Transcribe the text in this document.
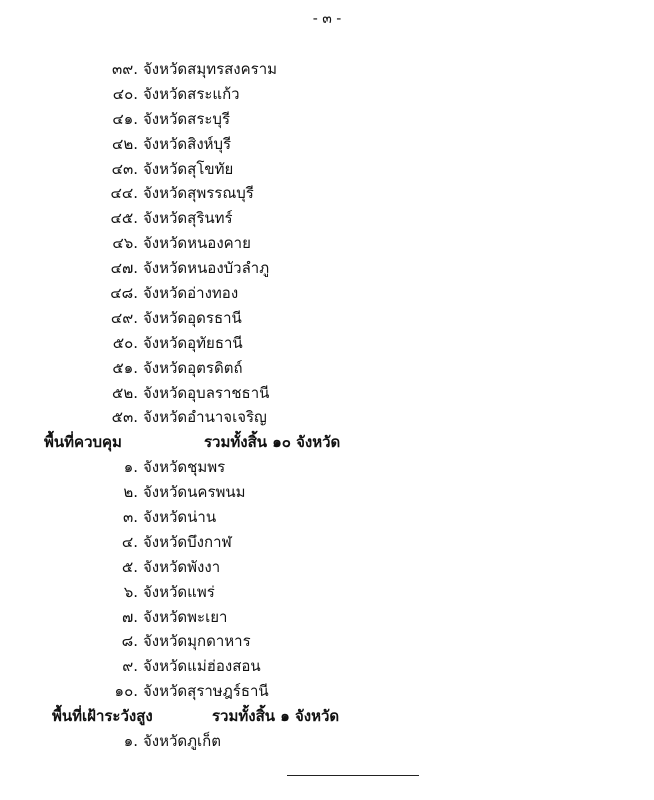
- ๓ -
๓๙. จังหวัดสมุทรสงคราม
๔๐. จังหวัดสระแก้ว
๔๑. จังหวัดสระบุรี
๔๒. จังหวัดสิงห์บุรี
๔๓. จังหวัดสุโขทัย
๔๔. จังหวัดสุพรรณบุรี
๔๕. จังหวัดสุรินทร์
๔๖. จังหวัดหนองคาย
๔๗. จังหวัดหนองบัวลำภู
๔๘. จังหวัดอ่างทอง
๔๙. จังหวัดอุดรธานี
๕๐. จังหวัดอุทัยธานี
๕๑. จังหวัดอุตรดิตถ์
๕๒. จังหวัดอุบลราชธานี
๕๓. จังหวัดอำนาจเจริญ
พื้นที่ควบคุม	รวมทั้งสิ้น ๑๐ จังหวัด
๑. จังหวัดชุมพร
๒. จังหวัดนครพนม
๓. จังหวัดน่าน
๔. จังหวัดบึงกาฬ
๕. จังหวัดพังงา
๖. จังหวัดแพร่
๗. จังหวัดพะเยา
๘. จังหวัดมุกดาหาร
๙. จังหวัดแม่ฮ่องสอน
๑๐. จังหวัดสุราษฎร์ธานี
พื้นที่เฝ้าระวังสูง	รวมทั้งสิ้น ๑ จังหวัด
๑. จังหวัดภูเก็ต
